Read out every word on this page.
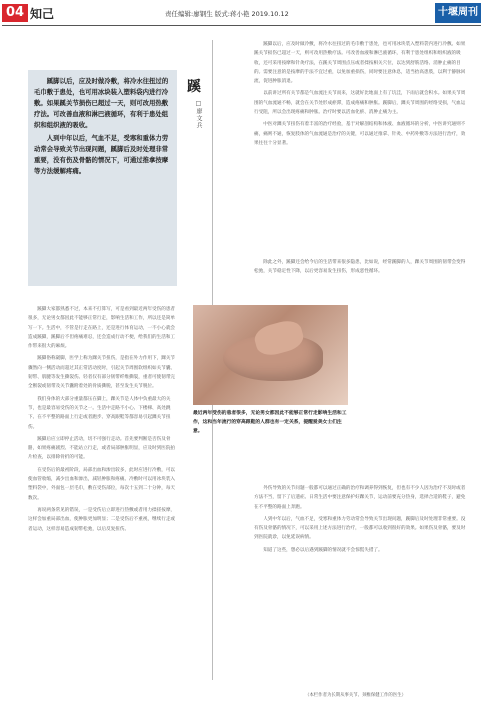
04 知己	责任编辑:廖钢生 版式:蒋小艳 2019.10.12	十堰周刊
蹊脚以后，应及时做冷敷，将冷水往扭过的毛巾敷于患处，也可用冰块装入塑料袋内进行冷敷。如果蹊关节损伤已超过一天，则可改用热敷疗法。可改善血液和淋巴液循环，有利于患处组织和组织液的吸收。
人到中年以后，气血不足，受寒和重体力劳动常会导致关节出现问题，蹊脚后及时处理非常重要，没有伤及骨骼的情况下，可通过推拿按摩等方法缓解疼痛。
蹊
□廖文兵
蹊脚大家都熟悉不过，本来不打算写，可是看到最近两年受伤的患者很多，无论男女都因此不能够正常行走，影响生活和工作，所以还是简单写一下。生活中，不管是行走在路上，还是进行体育运动，一不小心就会造成蹊脚，蹊脚后不但疼痛难忍，还会造成行动不便，给我们的生活和工作带来很大的麻烦。
蹊脚俗称崴脚，医学上称为踝关节扭伤，是指在外力作用下，踝关节骤然向一侧活动而超过其正常活动度时，引起关节周围软组织如关节囊、韧带、肌腱等发生撕裂伤。轻者仅有部分韧带纤维撕裂，重者可使韧带完全断裂或韧带及关节囊附着处的骨质撕脱，甚至发生关节脱位。
我们身体的大部分重量都压在脚上，踝关节是人体中负重最大的关节，也是最容易受伤的关节之一。生活中走路不小心、下楼梯、高处跳下、在不平整的路面上行走或者跑步、穿高跟鞋等都容易引起踝关节扭伤。
蹊脚后应立即停止活动，切不可强行走动。首先要判断是否伤及骨骼，如果疼痛剧烈、不能站立行走，或者局部肿胀明显，应及时到医院拍片检查，以排除骨折的可能。
在受伤后的最初阶段，局部出血和渗出较多，此时应进行冷敷，可以使血管收缩，减少出血和渗出，减轻肿胀和疼痛。冷敷时可以用冰块装入塑料袋中，外面包一层毛巾，敷在受伤部位，每次十五到二十分钟，每天数次。
再说两条常见的错误，一是受伤后立即进行热敷或者用力揉搓按摩，这样会加重局部出血，使肿胀更加明显；二是受伤后不重视，继续行走或者运动，这样容易造成韧带松弛，以后反复扭伤。
蹊脚以后，应及时做冷敷，将冷水往扭过的毛巾敷于患处，也可用冰块装入塑料袋内进行冷敷。如果蹊关节损伤已超过一天，则可改用热敷疗法。可改善血液和淋巴液循环，有利于患处组织和组织液的吸收，还可采用按摩和针灸疗法，在蹊关节周围点压或者揉按相关穴位，以达到舒筋活络、消肿止痛的目的。需要注意的是按摩的手法不宜过重，以免加重损伤，同时要注意休息，适当抬高患肢，以利于静脉回流，促进肿胀消退。
以前讲过所有关节都是气血流注关节而来，这就好比地面上有了坑洼，下雨后就会积水。如果关节周围的气血流通不畅，就会在关节处形成瘀滞，造成疼痛和肿胀。蹊脚后，踝关节周围的经络受损，气血运行受阻，所以会出现疼痛和肿胀。治疗时要以活血化瘀、消肿止痛为主。
中医对踝关节扭伤有着丰富的治疗经验，基于对解剖结构和体液、血液循环的分析，中医讲究通则不痛，痛则不通，恢复肢体的气血流通是治疗的关键，可以通过推拿、针灸、中药外敷等方法进行治疗，效果往往十分显著。
除此之外，蹊脚还会给今后的生活带来很多隐患，比如说，经常蹊脚的人，踝关节周围的韧带会变得松弛，关节稳定性下降，以后更容易发生扭伤，形成恶性循环。
最近两年受伤的患者很多，无论男女都因此不能够正常行走影响生活和工作，这和当年流行的穿高跟鞋的人群也有一定关系，提醒爱美女士们注意。
外伤导致的关节问题一般都可以通过正确的治疗和调养得到恢复，但也有不少人因为治疗不及时或者方法不当，留下了后遗症。日常生活中要注意保护好踝关节，运动前要充分热身，选择合适的鞋子，避免在不平整的路面上奔跑。
人到中年以后，气血不足，受寒和重体力劳动常会导致关节出现问题，蹊脚后及时处理非常重要。没有伤及骨骼的情况下，可以采用上述方法进行治疗，一般都可以收到很好的效果。如果伤及骨骼，要及时到医院就诊，以免延误病情。
知道了这些，想必以后遇到蹊脚的情况就不会惊慌失措了。
（本栏作者为长期从事关节、颈椎保健工作的医生）
